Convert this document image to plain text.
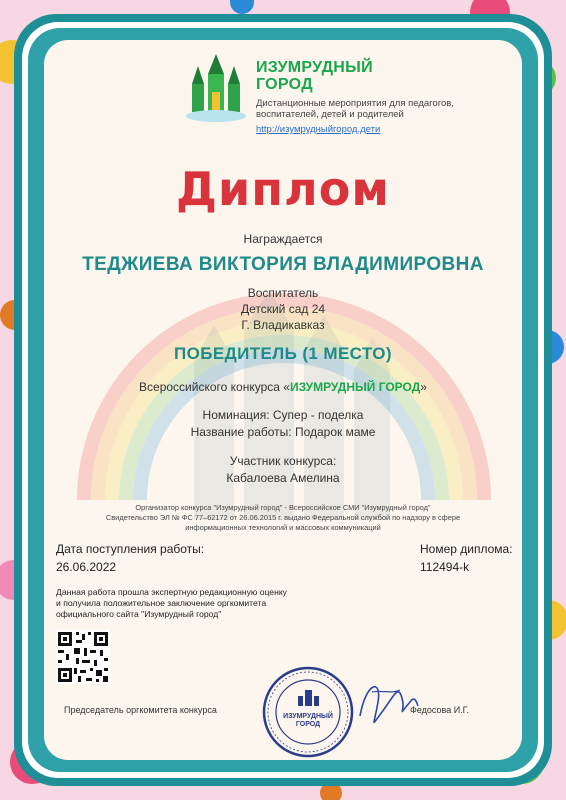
ИЗУМРУДНЫЙ
ГОРОД
Дистанционные мероприятия для педагогов, воспитателей, детей и родителей
http://изумрудныйгород.дети
Диплом
Награждается
ТЕДЖИЕВА ВИКТОРИЯ ВЛАДИМИРОВНА
Воспитатель
Детский сад 24
Г. Владикавказ
ПОБЕДИТЕЛЬ (1 МЕСТО)
Всероссийского конкурса «ИЗУМРУДНЫЙ ГОРОД»
Номинация: Супер - поделка
Название работы: Подарок маме
Участник конкурса:
Кабалоева Амелина
Организатор конкурса "Изумрудный город" - Всероссийское СМИ "Изумрудный город"
Свидетельство ЭЛ № ФС 77–62172 от 26.06.2015 г. выдано Федеральной службой по надзору в сфере
информационных технологий и массовых коммуникаций
Дата поступления работы:
26.06.2022
Номер диплома:
112494-k
Данная работа прошла экспертную редакционную оценку
и получила положительное заключение оргкомитета
официального сайта "Изумрудный город"
ИЗУМРУДНЫЙ
ГОРОД
Председатель оргкомитета конкурса	Федосова И.Г.
